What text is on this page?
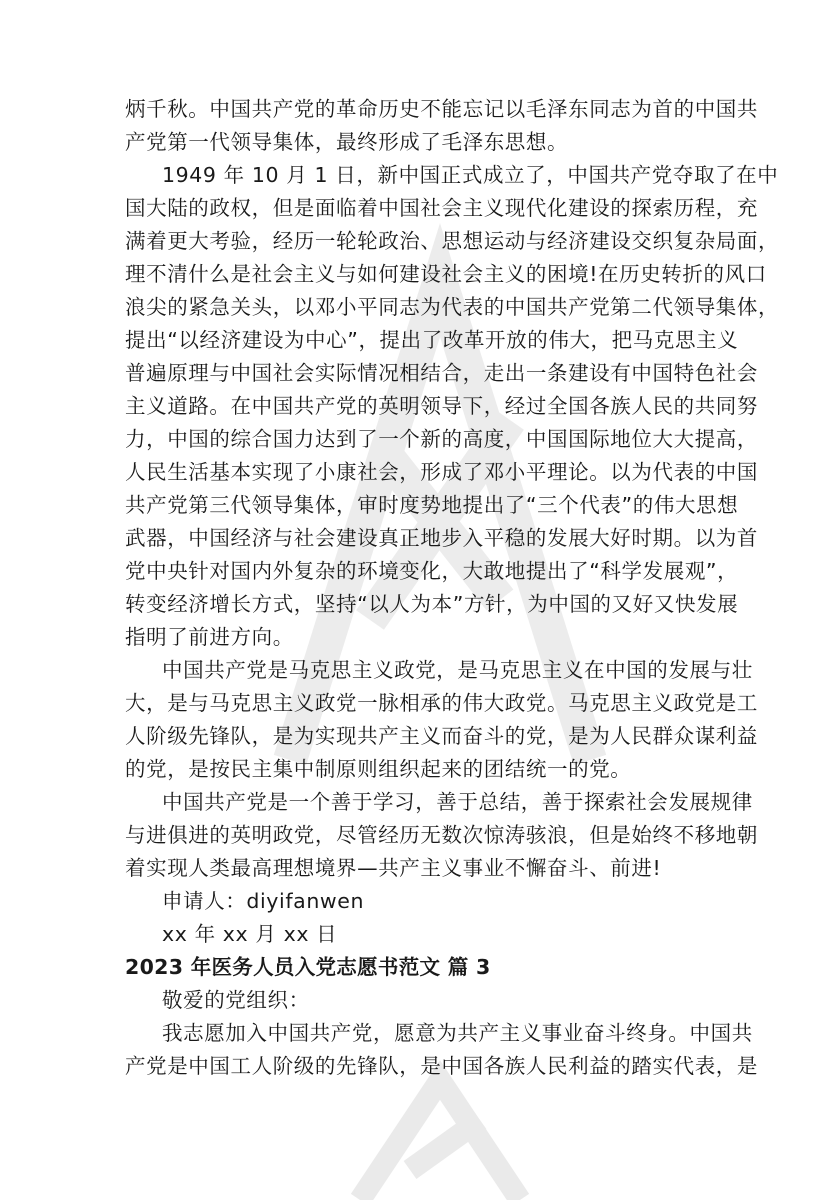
炳千秋。中国共产党的革命历史不能忘记以毛泽东同志为首的中国共
产党第一代领导集体，最终形成了毛泽东思想。
1949 年 10 月 1 日，新中国正式成立了，中国共产党夺取了在中
国大陆的政权，但是面临着中国社会主义现代化建设的探索历程，充
满着更大考验，经历一轮轮政治、思想运动与经济建设交织复杂局面，
理不清什么是社会主义与如何建设社会主义的困境!在历史转折的风口
浪尖的紧急关头，以邓小平同志为代表的中国共产党第二代领导集体，
提出“以经济建设为中心”，提出了改革开放的伟大，把马克思主义
普遍原理与中国社会实际情况相结合，走出一条建设有中国特色社会
主义道路。在中国共产党的英明领导下，经过全国各族人民的共同努
力，中国的综合国力达到了一个新的高度，中国国际地位大大提高，
人民生活基本实现了小康社会，形成了邓小平理论。以为代表的中国
共产党第三代领导集体，审时度势地提出了“三个代表”的伟大思想
武器，中国经济与社会建设真正地步入平稳的发展大好时期。以为首
党中央针对国内外复杂的环境变化，大敢地提出了“科学发展观”，
转变经济增长方式，坚持“以人为本”方针，为中国的又好又快发展
指明了前进方向。
中国共产党是马克思主义政党，是马克思主义在中国的发展与壮
大，是与马克思主义政党一脉相承的伟大政党。马克思主义政党是工
人阶级先锋队，是为实现共产主义而奋斗的党，是为人民群众谋利益
的党，是按民主集中制原则组织起来的团结统一的党。
中国共产党是一个善于学习，善于总结，善于探索社会发展规律
与进俱进的英明政党，尽管经历无数次惊涛骇浪，但是始终不移地朝
着实现人类最高理想境界—共产主义事业不懈奋斗、前进!
申请人：diyifanwen
xx 年 xx 月 xx 日
2023 年医务人员入党志愿书范文 篇 3
敬爱的党组织：
我志愿加入中国共产党，愿意为共产主义事业奋斗终身。中国共
产党是中国工人阶级的先锋队，是中国各族人民利益的踏实代表，是
